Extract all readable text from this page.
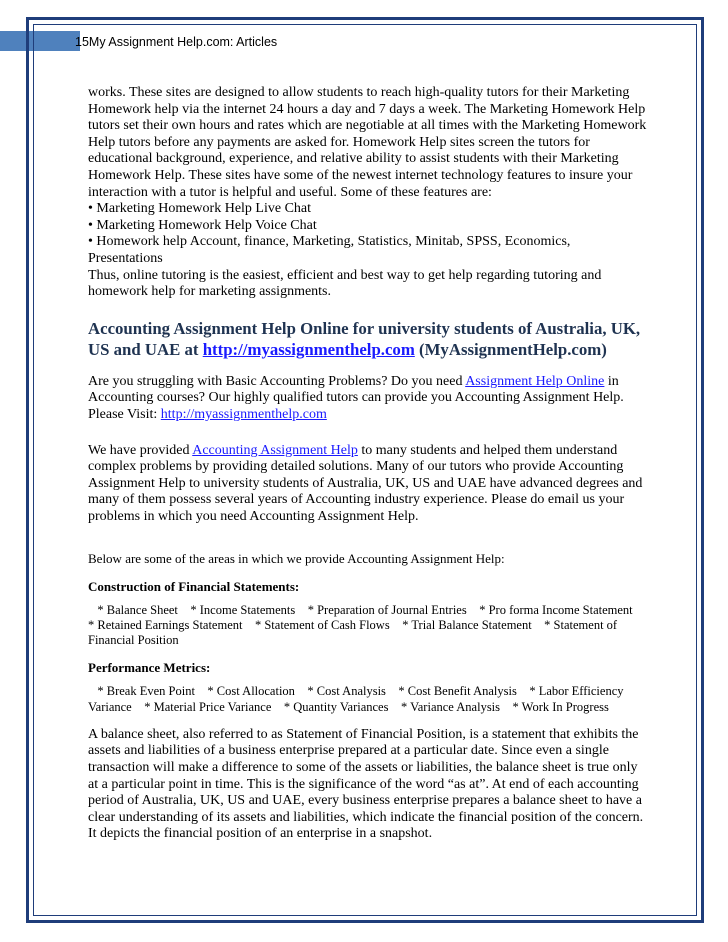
15My Assignment Help.com: Articles

works. These sites are designed to allow students to reach high-quality tutors for their Marketing Homework help via the internet 24 hours a day and 7 days a week. The Marketing Homework Help tutors set their own hours and rates which are negotiable at all times with the Marketing Homework Help tutors before any payments are asked for. Homework Help sites screen the tutors for educational background, experience, and relative ability to assist students with their Marketing Homework Help. These sites have some of the newest internet technology features to insure your interaction with a tutor is helpful and useful. Some of these features are:

• Marketing Homework Help Live Chat

• Marketing Homework Help Voice Chat

• Homework help Account, finance, Marketing, Statistics, Minitab, SPSS, Economics, Presentations

Thus, online tutoring is the easiest, efficient and best way to get help regarding tutoring and homework help for marketing assignments.

Accounting Assignment Help Online for university students of Australia, UK, US and UAE at http://myassignmenthelp.com (MyAssignmentHelp.com)

Are you struggling with Basic Accounting Problems? Do you need Assignment Help Online in Accounting courses? Our highly qualified tutors can provide you Accounting Assignment Help. Please Visit: http://myassignmenthelp.com

We have provided Accounting Assignment Help to many students and helped them understand complex problems by providing detailed solutions. Many of our tutors who provide Accounting Assignment Help to university students of Australia, UK, US and UAE have advanced degrees and many of them possess several years of Accounting industry experience. Please do email us your problems in which you need Accounting Assignment Help.

Below are some of the areas in which we provide Accounting Assignment Help:

Construction of Financial Statements:

* Balance Sheet    * Income Statements    * Preparation of Journal Entries    * Pro forma Income Statement    * Retained Earnings Statement    * Statement of Cash Flows    * Trial Balance Statement    * Statement of Financial Position

Performance Metrics:

* Break Even Point    * Cost Allocation    * Cost Analysis    * Cost Benefit Analysis    * Labor Efficiency Variance    * Material Price Variance    * Quantity Variances    * Variance Analysis    * Work In Progress

A balance sheet, also referred to as Statement of Financial Position, is a statement that exhibits the assets and liabilities of a business enterprise prepared at a particular date. Since even a single transaction will make a difference to some of the assets or liabilities, the balance sheet is true only at a particular point in time. This is the significance of the word “as at”. At end of each accounting period of Australia, UK, US and UAE, every business enterprise prepares a balance sheet to have a clear understanding of its assets and liabilities, which indicate the financial position of the concern. It depicts the financial position of an enterprise in a snapshot.
